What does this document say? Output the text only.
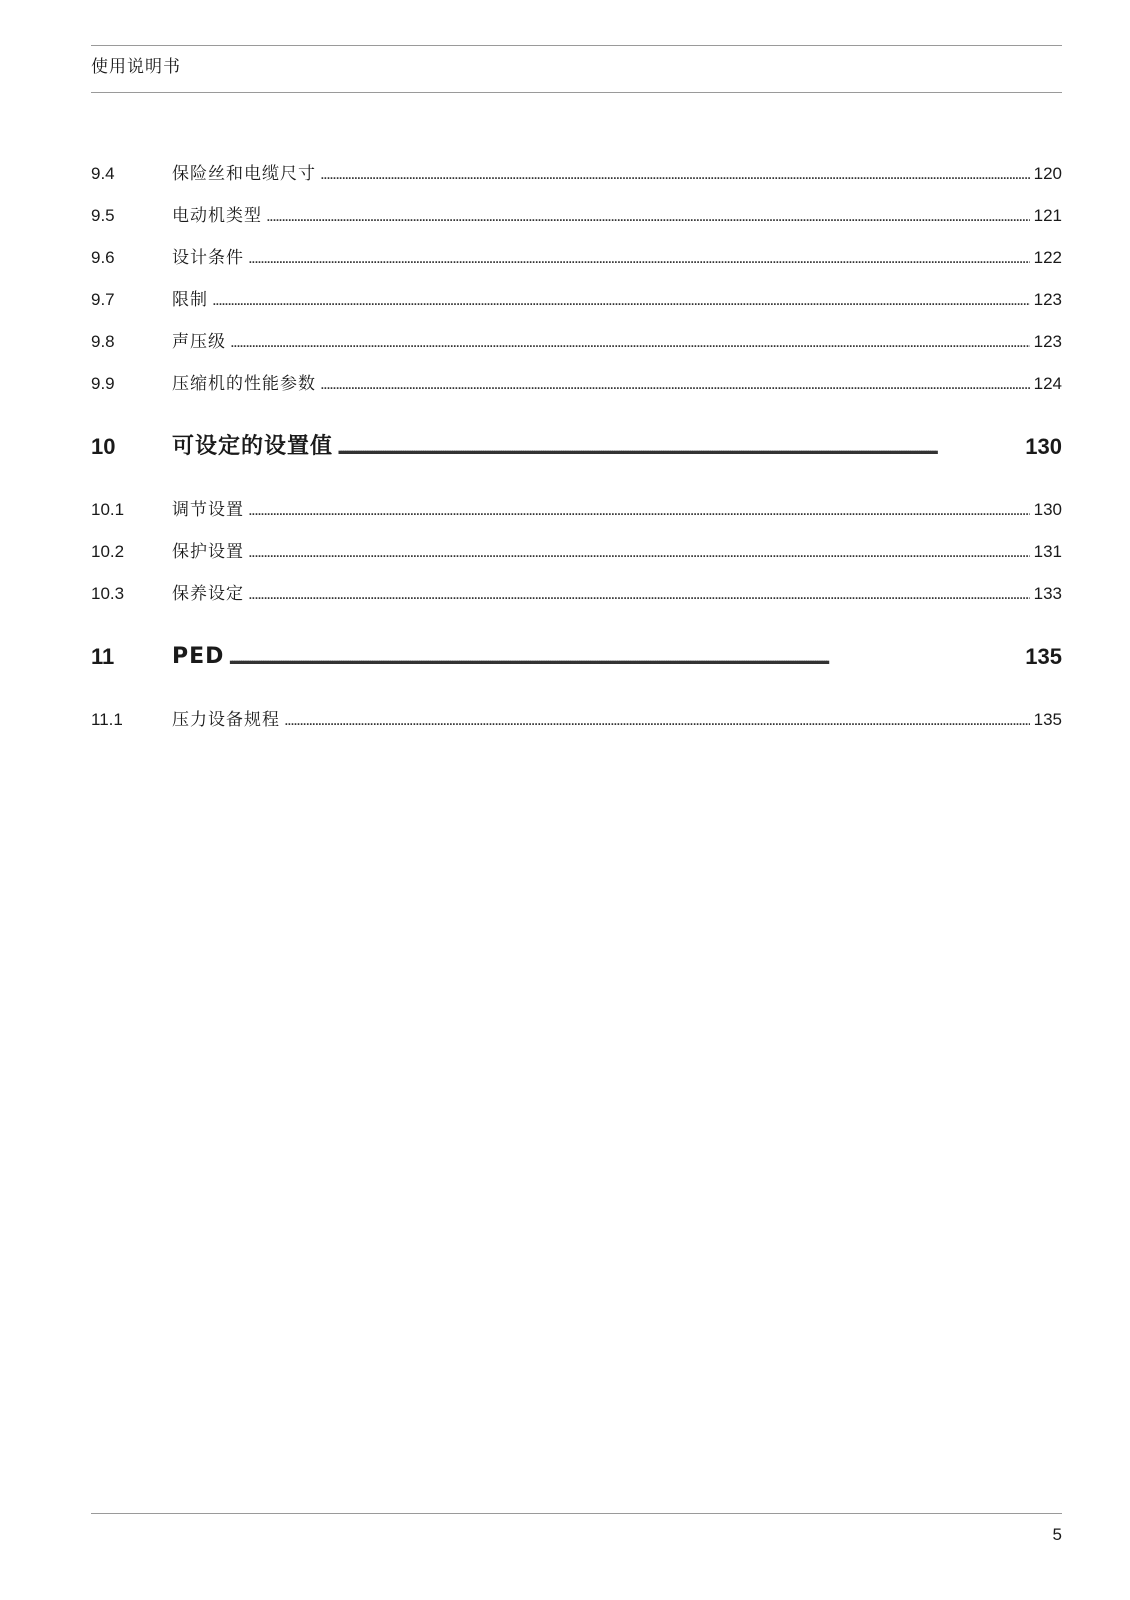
使用说明书
9.4	保险丝和电缆尺寸 . . .	120
9.5	电动机类型 . . .	121
9.6	设计条件 . . .	122
9.7	限制 . . .	123
9.8	声压级 . . .	123
9.9	压缩机的性能参数 . . .	124
10	可设定的设置值 . . .	130
10.1	调节设置 . . .	130
10.2	保护设置 . . .	131
10.3	保养设定 . . .	133
11	PED . . .	135
11.1	压力设备规程 . . .	135
5
